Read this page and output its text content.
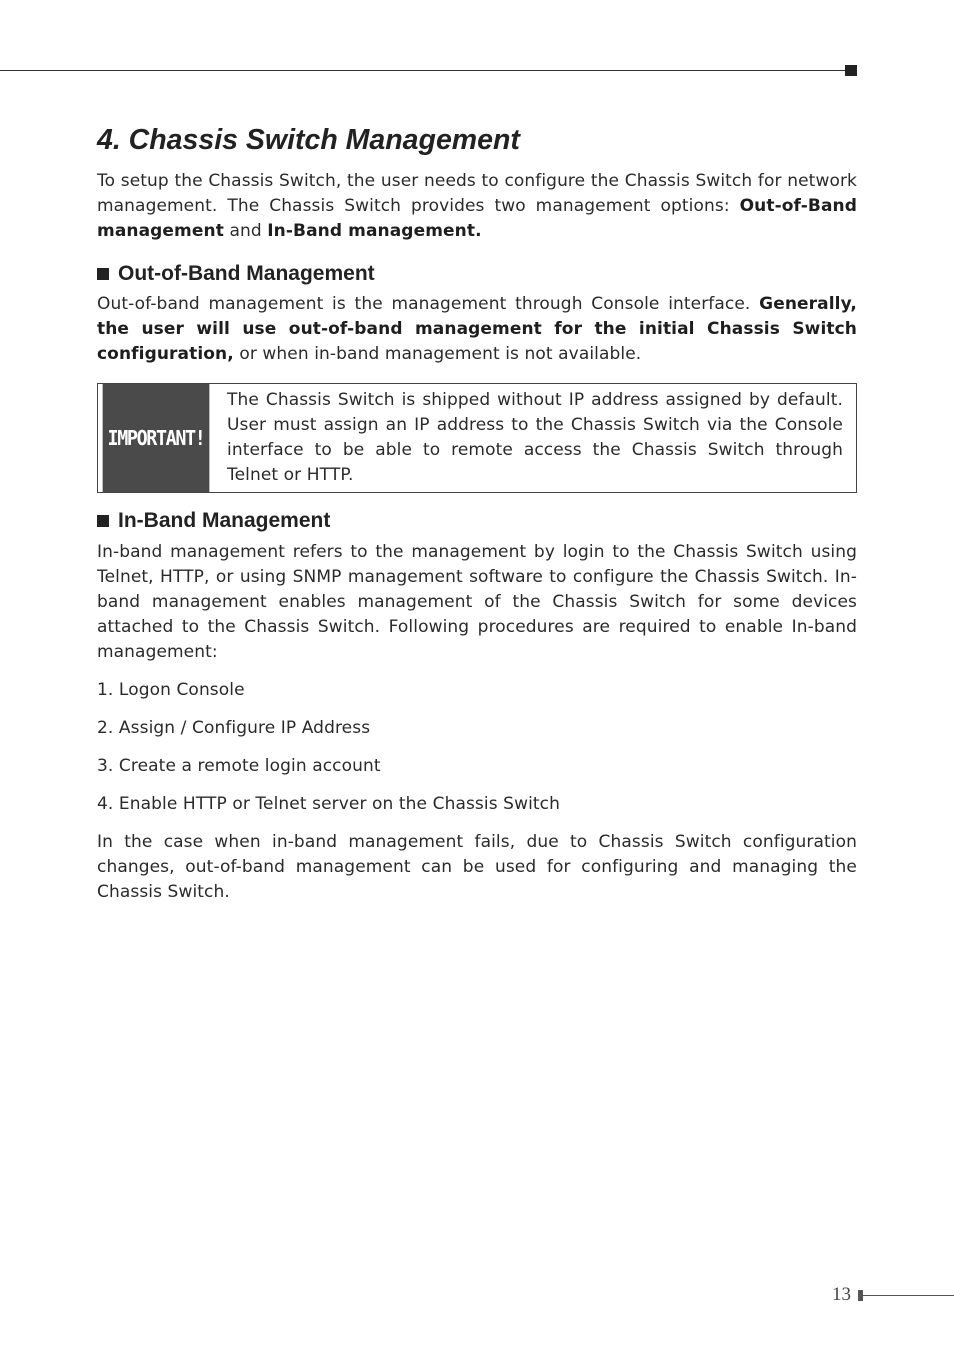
4. Chassis Switch Management

To setup the Chassis Switch, the user needs to configure the Chassis Switch for network management. The Chassis Switch provides two management options: Out-of-Band management and In-Band management.

Out-of-Band Management

Out-of-band management is the management through Console interface. Generally, the user will use out-of-band management for the initial Chassis Switch configuration, or when in-band management is not available.

IMPORTANT!

The Chassis Switch is shipped without IP address assigned by default. User must assign an IP address to the Chassis Switch via the Console interface to be able to remote access the Chassis Switch through Telnet or HTTP.

In-Band Management

In-band management refers to the management by login to the Chassis Switch using Telnet, HTTP, or using SNMP management software to configure the Chassis Switch. In-band management enables management of the Chassis Switch for some devices attached to the Chassis Switch. Following procedures are required to enable In-band management:

1. Logon Console

2. Assign / Configure IP Address

3. Create a remote login account

4. Enable HTTP or Telnet server on the Chassis Switch

In the case when in-band management fails, due to Chassis Switch configuration changes, out-of-band management can be used for configuring and managing the Chassis Switch.

13
